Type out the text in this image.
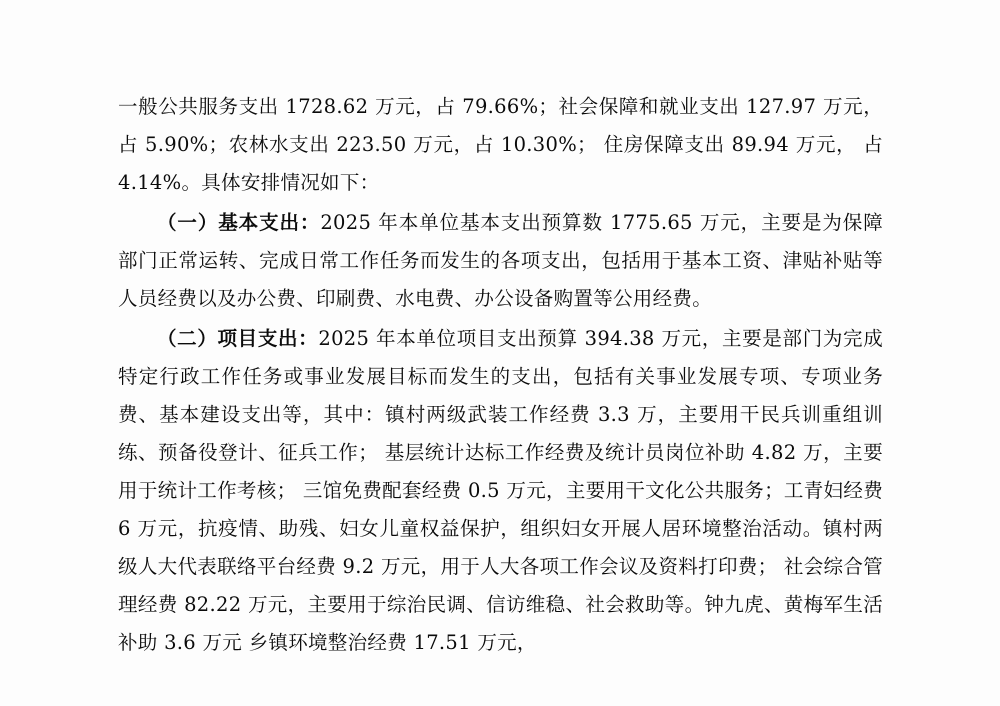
一般公共服务支出 1728.62 万元，占 79.66%；社会保障和就业支出 127.97 万元，占 5.90%；农林水支出 223.50 万元，占 10.30%； 住房保障支出 89.94 万元， 占 4.14%。具体安排情况如下：

（一）基本支出：2025 年本单位基本支出预算数 1775.65 万元，主要是为保障部门正常运转、完成日常工作任务而发生的各项支出，包括用于基本工资、津贴补贴等人员经费以及办公费、印刷费、水电费、办公设备购置等公用经费。

（二）项目支出：2025 年本单位项目支出预算 394.38 万元，主要是部门为完成特定行政工作任务或事业发展目标而发生的支出，包括有关事业发展专项、专项业务费、基本建设支出等，其中：镇村两级武装工作经费 3.3 万，主要用干民兵训重组训练、预备役登计、征兵工作； 基层统计达标工作经费及统计员岗位补助 4.82 万，主要用于统计工作考核； 三馆免费配套经费 0.5 万元，主要用干文化公共服务；工青妇经费 6 万元，抗疫情、助残、妇女儿童权益保护，组织妇女开展人居环境整治活动。镇村两级人大代表联络平台经费 9.2 万元，用于人大各项工作会议及资料打印费； 社会综合管理经费 82.22 万元，主要用于综治民调、信访维稳、社会救助等。钟九虎、黄梅军生活补助 3.6 万元 乡镇环境整治经费 17.51 万元，
